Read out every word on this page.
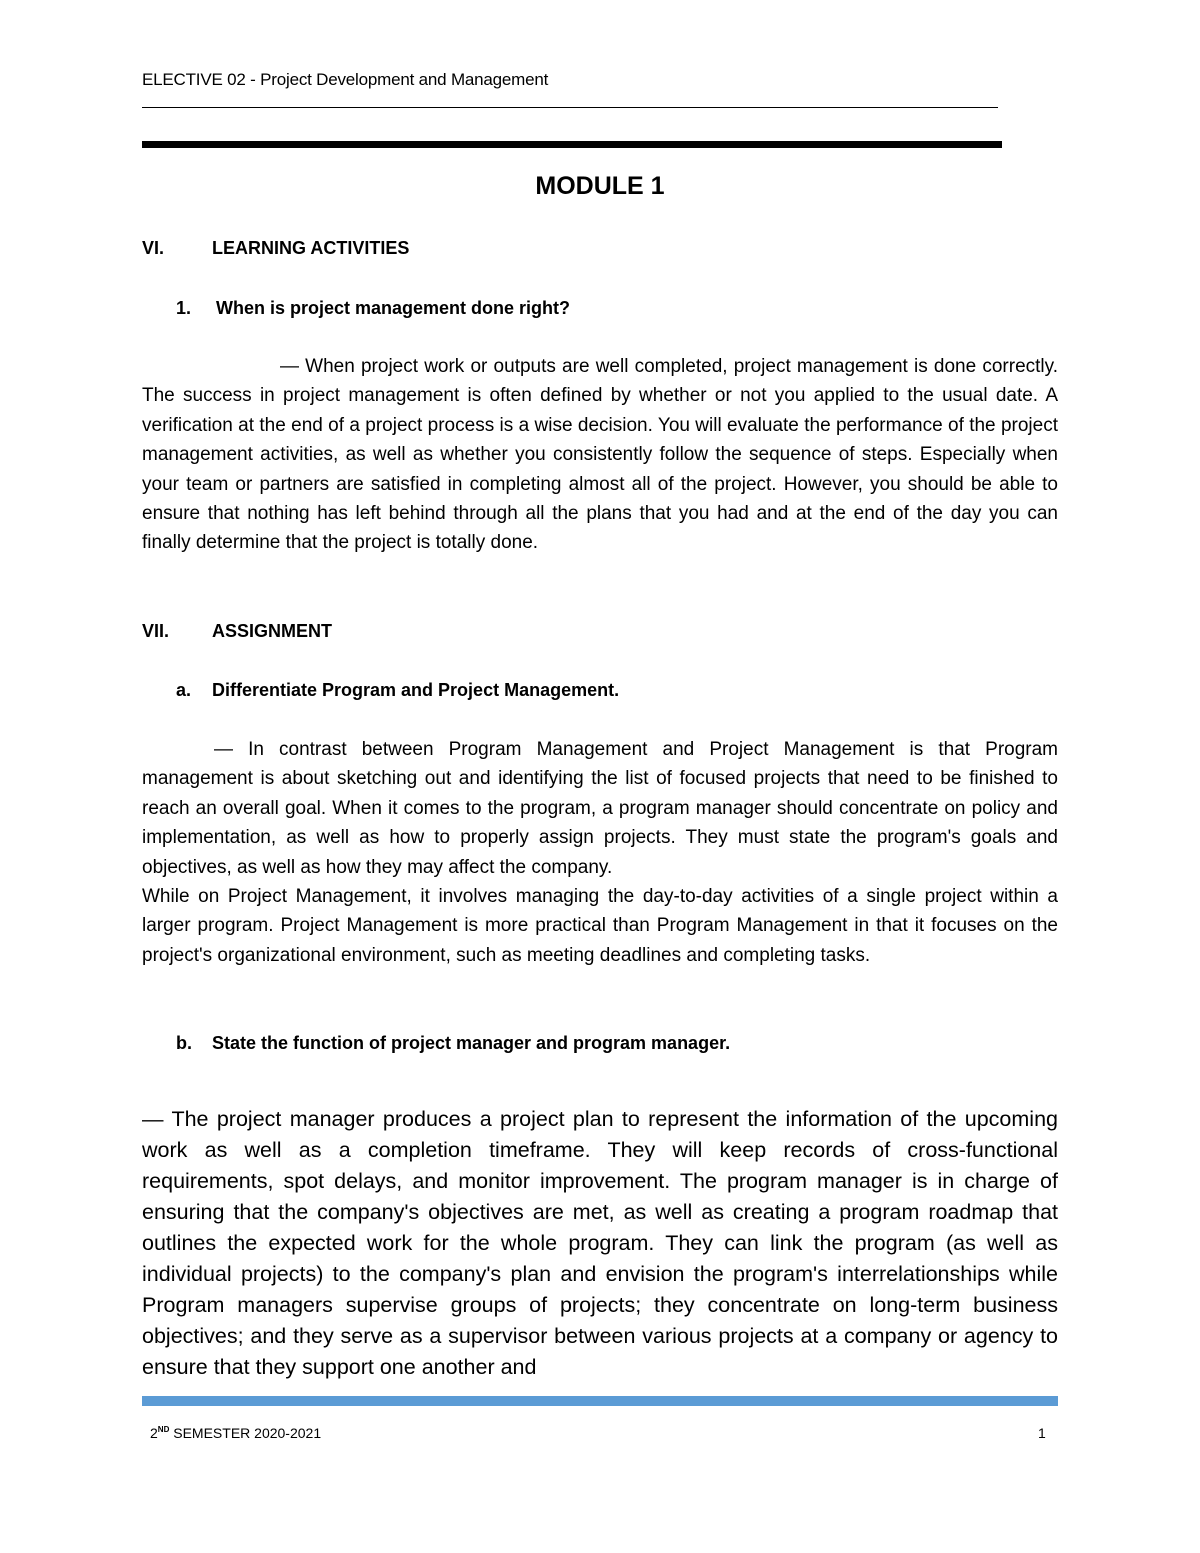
ELECTIVE 02 - Project Development and Management
MODULE 1
VI.	LEARNING ACTIVITIES
1. When is project management done right?
— When project work or outputs are well completed, project management is done correctly. The success in project management is often defined by whether or not you applied to the usual date. A verification at the end of a project process is a wise decision. You will evaluate the performance of the project management activities, as well as whether you consistently follow the sequence of steps. Especially when your team or partners are satisfied in completing almost all of the project. However, you should be able to ensure that nothing has left behind through all the plans that you had and at the end of the day you can finally determine that the project is totally done.
VII. ASSIGNMENT
a. Differentiate Program and Project Management.
— In contrast between Program Management and Project Management is that Program management is about sketching out and identifying the list of focused projects that need to be finished to reach an overall goal. When it comes to the program, a program manager should concentrate on policy and implementation, as well as how to properly assign projects. They must state the program's goals and objectives, as well as how they may affect the company.
While on Project Management, it involves managing the day-to-day activities of a single project within a larger program. Project Management is more practical than Program Management in that it focuses on the project's organizational environment, such as meeting deadlines and completing tasks.
b. State the function of project manager and program manager.
— The project manager produces a project plan to represent the information of the upcoming work as well as a completion timeframe. They will keep records of cross-functional requirements, spot delays, and monitor improvement. The program manager is in charge of ensuring that the company's objectives are met, as well as creating a program roadmap that outlines the expected work for the whole program. They can link the program (as well as individual projects) to the company's plan and envision the program's interrelationships while Program managers supervise groups of projects; they concentrate on long-term business objectives; and they serve as a supervisor between various projects at a company or agency to ensure that they support one another and
2ND SEMESTER 2020-2021	1
